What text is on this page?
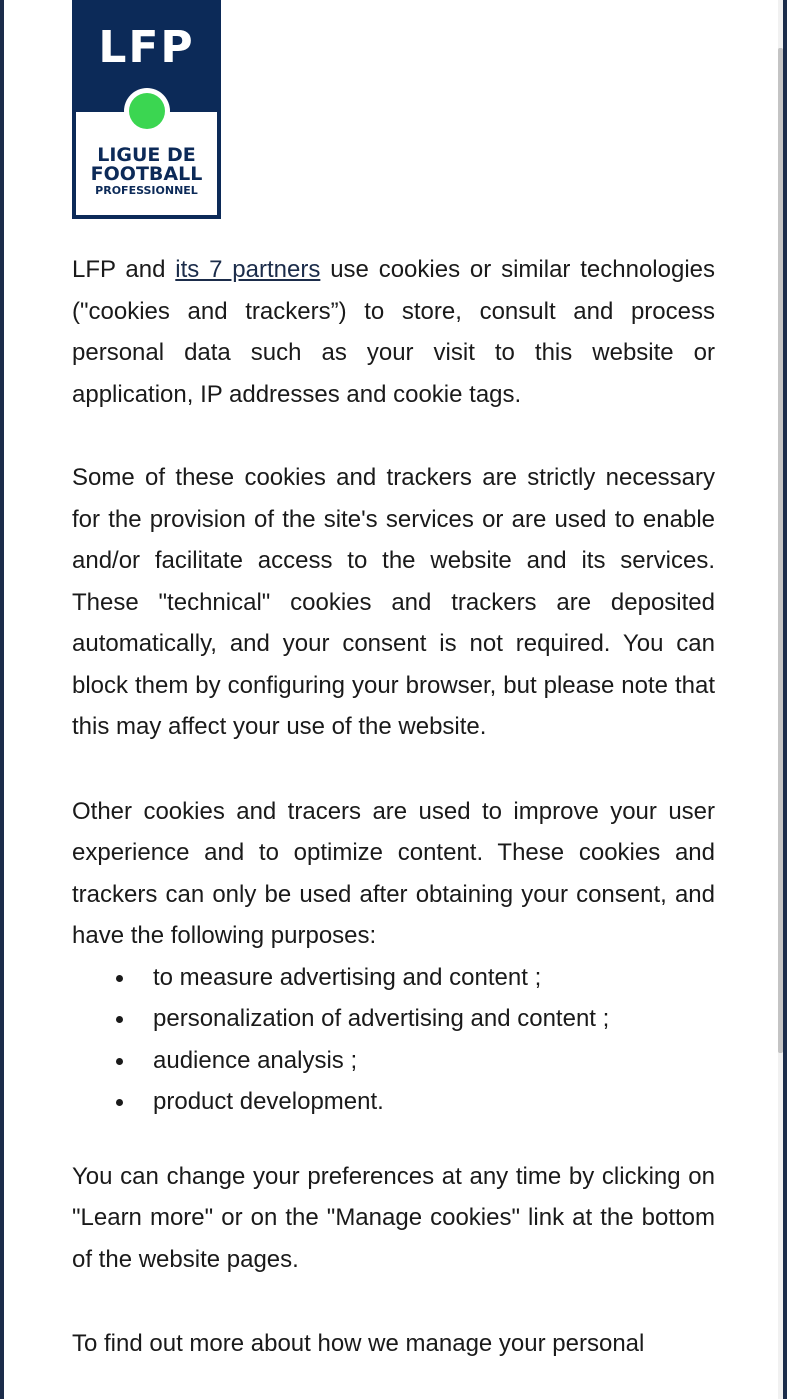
LFP
LIGUE DE
FOOTBALL
PROFESSIONNEL

LFP and its 7 partners use cookies or similar technologies ("cookies and trackers”) to store, consult and process personal data such as your visit to this website or application, IP addresses and cookie tags.

Some of these cookies and trackers are strictly necessary for the provision of the site's services or are used to enable and/or facilitate access to the website and its services. These "technical" cookies and trackers are deposited automatically, and your consent is not required. You can block them by configuring your browser, but please note that this may affect your use of the website.

Other cookies and tracers are used to improve your user experience and to optimize content. These cookies and trackers can only be used after obtaining your consent, and have the following purposes:

to measure advertising and content ;
personalization of advertising and content ;
audience analysis ;
product development.

You can change your preferences at any time by clicking on "Learn more" or on the "Manage cookies" link at the bottom of the website pages.

To find out more about how we manage your personal
